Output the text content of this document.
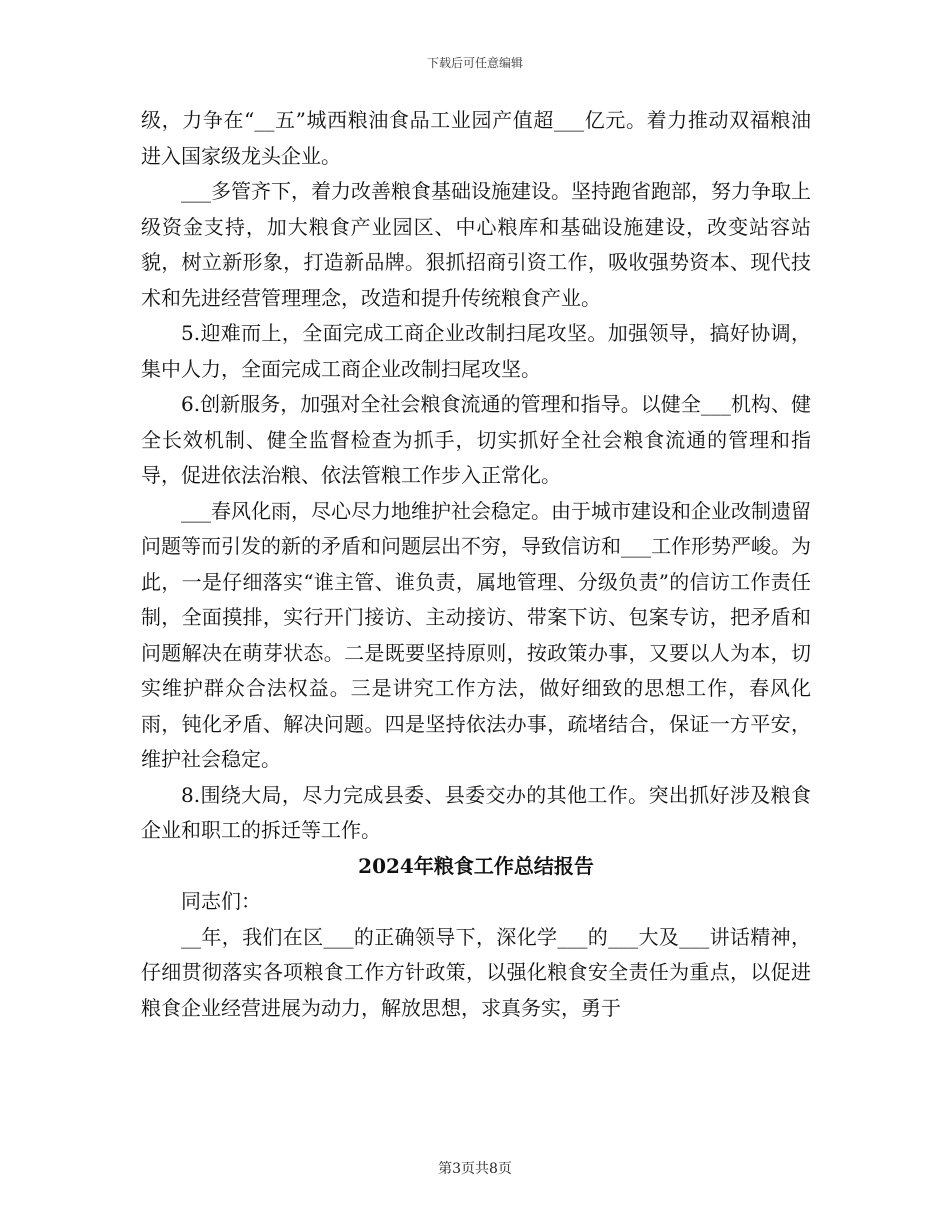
下载后可任意编辑

级，力争在“__五”城西粮油食品工业园产值超___亿元。着力推动双福粮油进入国家级龙头企业。

___多管齐下，着力改善粮食基础设施建设。坚持跑省跑部，努力争取上级资金支持，加大粮食产业园区、中心粮库和基础设施建设，改变站容站貌，树立新形象，打造新品牌。狠抓招商引资工作，吸收强势资本、现代技术和先进经营管理理念，改造和提升传统粮食产业。

5.迎难而上，全面完成工商企业改制扫尾攻坚。加强领导，搞好协调，集中人力，全面完成工商企业改制扫尾攻坚。

6.创新服务，加强对全社会粮食流通的管理和指导。以健全___机构、健全长效机制、健全监督检查为抓手，切实抓好全社会粮食流通的管理和指导，促进依法治粮、依法管粮工作步入正常化。

___春风化雨，尽心尽力地维护社会稳定。由于城市建设和企业改制遗留问题等而引发的新的矛盾和问题层出不穷，导致信访和___工作形势严峻。为此，一是仔细落实“谁主管、谁负责，属地管理、分级负责”的信访工作责任制，全面摸排，实行开门接访、主动接访、带案下访、包案专访，把矛盾和问题解决在萌芽状态。二是既要坚持原则，按政策办事，又要以人为本，切实维护群众合法权益。三是讲究工作方法，做好细致的思想工作，春风化雨，钝化矛盾、解决问题。四是坚持依法办事，疏堵结合，保证一方平安，维护社会稳定。

8.围绕大局，尽力完成县委、县委交办的其他工作。突出抓好涉及粮食企业和职工的拆迁等工作。

2024年粮食工作总结报告

同志们：

__年，我们在区___的正确领导下，深化学___的___大及___讲话精神，仔细贯彻落实各项粮食工作方针政策，以强化粮食安全责任为重点，以促进粮食企业经营进展为动力，解放思想，求真务实，勇于

第3页共8页
